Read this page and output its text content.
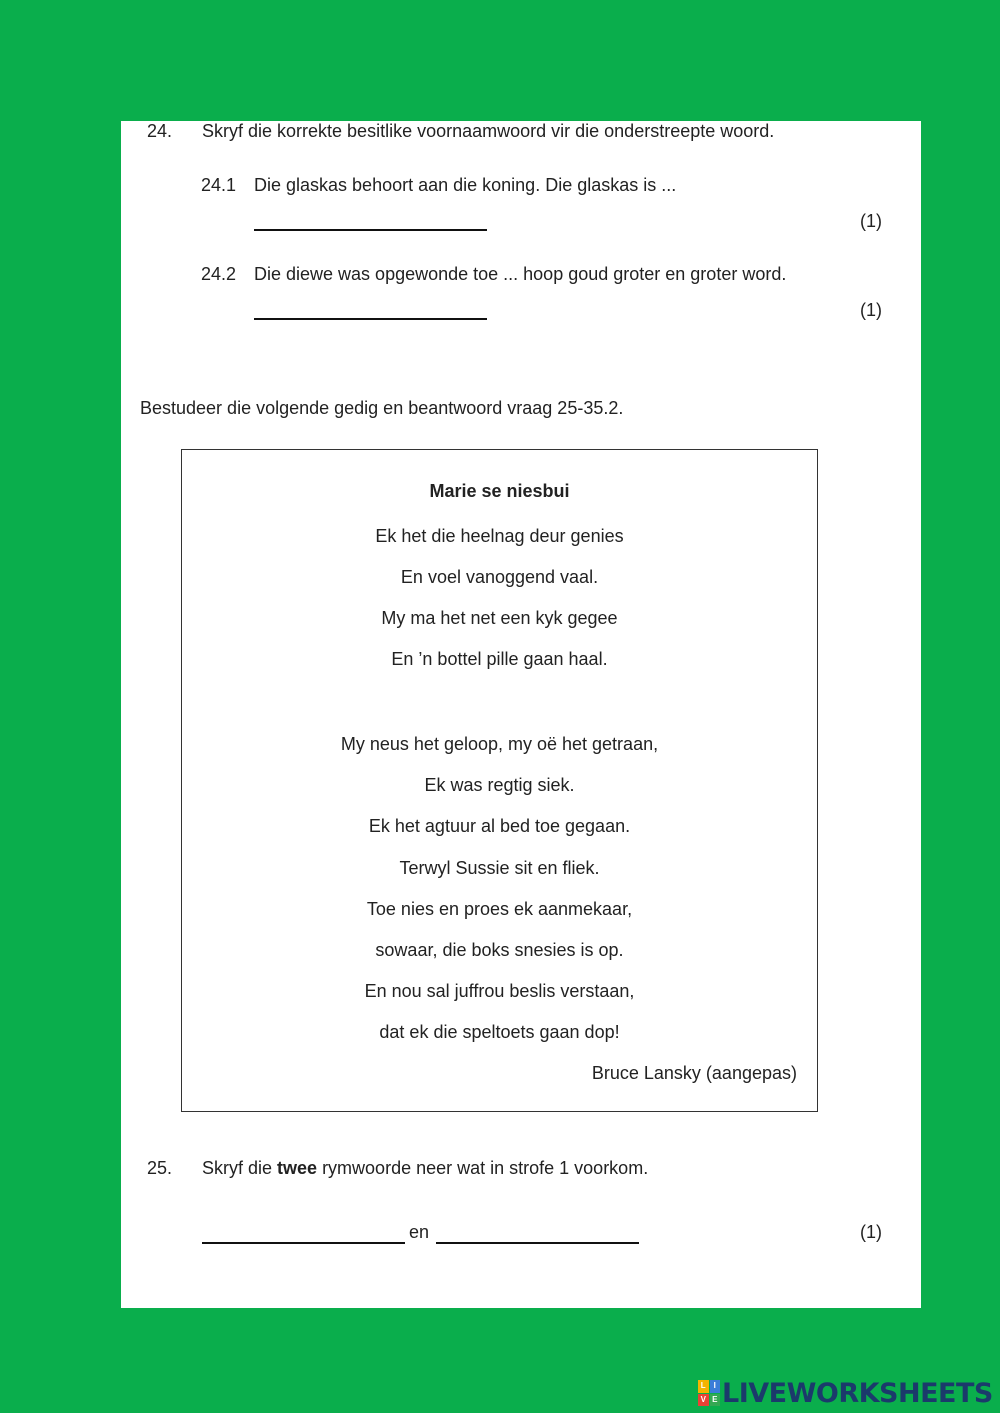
24. Skryf die korrekte besitlike voornaamwoord vir die onderstreepte woord.
24.1 Die glaskas behoort aan die koning. Die glaskas is ...
(1)
24.2 Die diewe was opgewonde toe ... hoop goud groter en groter word.
(1)
Bestudeer die volgende gedig en beantwoord vraag 25-35.2.
Marie se niesbui
Ek het die heelnag deur genies
En voel vanoggend vaal.
My ma het net een kyk gegee
En ’n bottel pille gaan haal.
My neus het geloop, my oë het getraan,
Ek was regtig siek.
Ek het agtuur al bed toe gegaan.
Terwyl Sussie sit en fliek.
Toe nies en proes ek aanmekaar,
sowaar, die boks snesies is op.
En nou sal juffrou beslis verstaan,
dat ek die speltoets gaan dop!
Bruce Lansky (aangepas)
25. Skryf die twee rymwoorde neer wat in strofe 1 voorkom.
en	(1)
L I
V E LIVEWORKSHEETS
